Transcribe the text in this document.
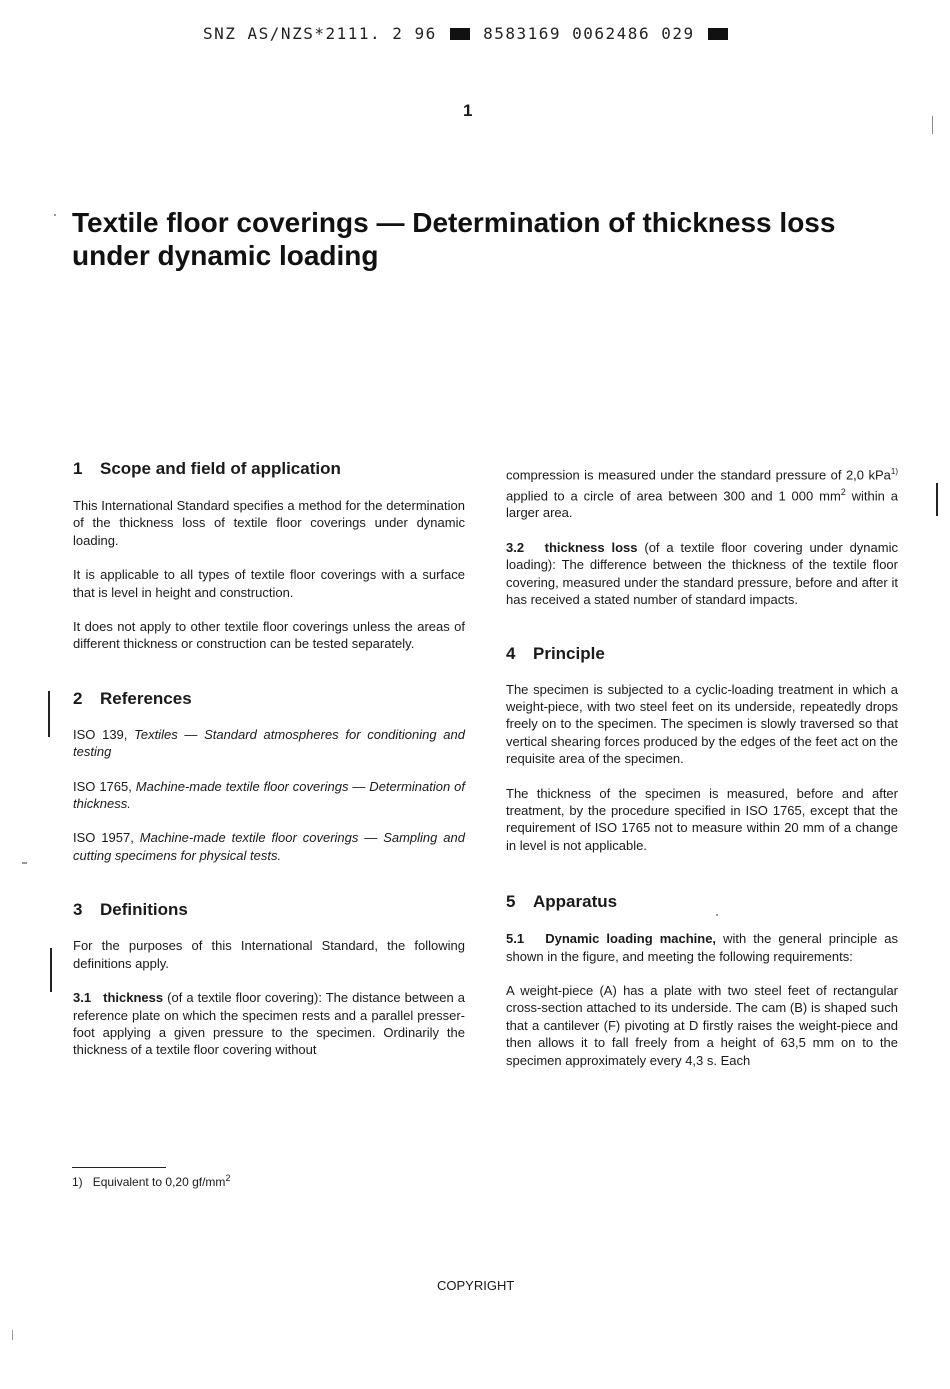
SNZ AS/NZS*2111. 2 96	8583169 0062486 029
1
Textile floor coverings — Determination of thickness loss under dynamic loading
1 Scope and field of application

This International Standard specifies a method for the determination of the thickness loss of textile floor coverings under dynamic loading.

It is applicable to all types of textile floor coverings with a surface that is level in height and construction.

It does not apply to other textile floor coverings unless the areas of different thickness or construction can be tested separately.

2 References

ISO 139, Textiles — Standard atmospheres for conditioning and testing

ISO 1765, Machine-made textile floor coverings — Determination of thickness.

ISO 1957, Machine-made textile floor coverings — Sampling and cutting specimens for physical tests.

3 Definitions

For the purposes of this International Standard, the following definitions apply.

3.1 thickness (of a textile floor covering): The distance between a reference plate on which the specimen rests and a parallel presser-foot applying a given pressure to the specimen. Ordinarily the thickness of a textile floor covering without

compression is measured under the standard pressure of 2,0 kPa$^{1)}$ applied to a circle of area between 300 and 1 000 $mm^2$ within a larger area.

3.2 thickness loss (of a textile floor covering under dynamic loading): The difference between the thickness of the textile floor covering, measured under the standard pressure, before and after it has received a stated number of standard impacts.

4 Principle

The specimen is subjected to a cyclic-loading treatment in which a weight-piece, with two steel feet on its underside, repeatedly drops freely on to the specimen. The specimen is slowly traversed so that vertical shearing forces produced by the edges of the feet act on the requisite area of the specimen.

The thickness of the specimen is measured, before and after treatment, by the procedure specified in ISO 1765, except that the requirement of ISO 1765 not to measure within 20 mm of a change in level is not applicable.

5 Apparatus

5.1 Dynamic loading machine, with the general principle as shown in the figure, and meeting the following requirements:

A weight-piece (A) has a plate with two steel feet of rectangular cross-section attached to its underside. The cam (B) is shaped such that a cantilever (F) pivoting at D firstly raises the weight-piece and then allows it to fall freely from a height of 63,5 mm on to the specimen approximately every 4,3 s. Each

1) Equivalent to 0,20 $gf/mm^2$
COPYRIGHT
